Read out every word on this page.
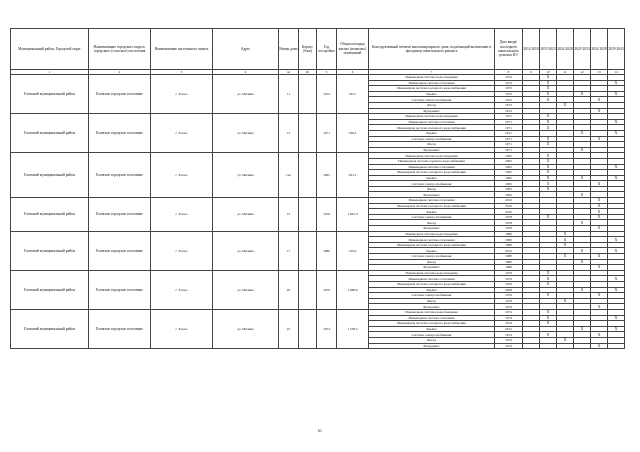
Муниципальный район, Городской округ	Наименование городского округа, городского (сельского) поселения	Наименование населенного пункта	Адрес	Номер дома	Корпус (блок)	Год постройки	Общая площадь жилых (нежилых) помещений	Конструктивный элемент многоквартирного дома, подлежащий включению в программу капитального ремонта	Дата ввода/последнего капитального ремонта КЭ	2014 2018	2019 2023	2024 2028	2029 2033	2034 2038	2039 2043
1	2	3	4	4а	4б	5	6	7	8	9	10	11	12	13	14
Еловский муниципальный район	Еловское городское поселение	с. Елово	ул. Мичина	11		1972	345.7	Инженерная система водоотведения	1972		Х				
								Инженерная система отопления	1972		Х				Х
								Инженерная система холодного водоснабжения	1972		Х				
								Крыша	1972		Х		Х		Х
								Система электроснабжения	1972		Х			Х	
								Фасад	1972			Х			
								Фундамент	1972					Х	
Еловский муниципальный район	Еловское городское поселение	с. Елово	ул. Мичина	13		1971	766.4	Инженерная система водоотведения	1971		Х				
								Инженерная система отопления	1971		Х				Х
								Инженерная система холодного водоснабжения	1971		Х				
								Крыша	2011				Х		Х
								Система электроснабжения	1971		Х			Х	
								Фасад	1971		Х				
								Фундамент	1971				Х		
Еловский муниципальный район	Еловское городское поселение	с. Елово	ул. Мичина	14а		1965	293.1	Инженерная система водоотведения	1965		Х				
								Инженерная система горячего водоснабжения	1965		Х				
								Инженерная система отопления	1965		Х				Х
								Инженерная система холодного водоснабжения	1965		Х				
								Крыша	1965		Х		Х		Х
								Система электроснабжения	1965		Х			Х	
								Фасад	1965		Х				
								Фундамент	1965				Х		
Еловский муниципальный район	Еловское городское поселение	с. Елово	ул. Мичина	15		1978	1 661.9	Инженерная система отопления	2010					Х	
								Инженерная система холодного водоснабжения	2010					Х	
								Крыша	2010					Х	
								Система электроснабжения	1978		Х			Х	
								Фасад	1978				Х		
								Фундамент	1978					Х	
Еловский муниципальный район	Еловское городское поселение	с. Елово	ул. Мичина	17		1980	530.9	Инженерная система водоотведения	1980			Х			
								Инженерная система отопления	1980			Х			Х
								Инженерная система холодного водоснабжения	1980			Х			
								Крыша	2012				Х		Х
								Система электроснабжения	1980			Х		Х	
								Фасад	1980				Х		
								Фундамент	1980					Х	
Еловский муниципальный район	Еловское городское поселение	с. Елово	ул. Мичина	20		1976	1 088.9	Инженерная система водоотведения	1976		Х				
								Инженерная система отопления	1976		Х				Х
								Инженерная система холодного водоснабжения	1976		Х				
								Крыша	2008				Х		Х
								Система электроснабжения	1976		Х			Х	
								Фасад	1976			Х			
								Фундамент	1976					Х	
Еловский муниципальный район	Еловское городское поселение	с. Елово	ул. Мичина	22		1974	1 108.5	Инженерная система водоотведения	1974		Х				
								Инженерная система отопления	1974		Х				Х
								Инженерная система холодного водоснабжения	1974		Х				
								Крыша	2012				Х		Х
								Система электроснабжения	1974		Х			Х	
								Фасад	1974			Х			
								Фундамент	1974					Х	
61
